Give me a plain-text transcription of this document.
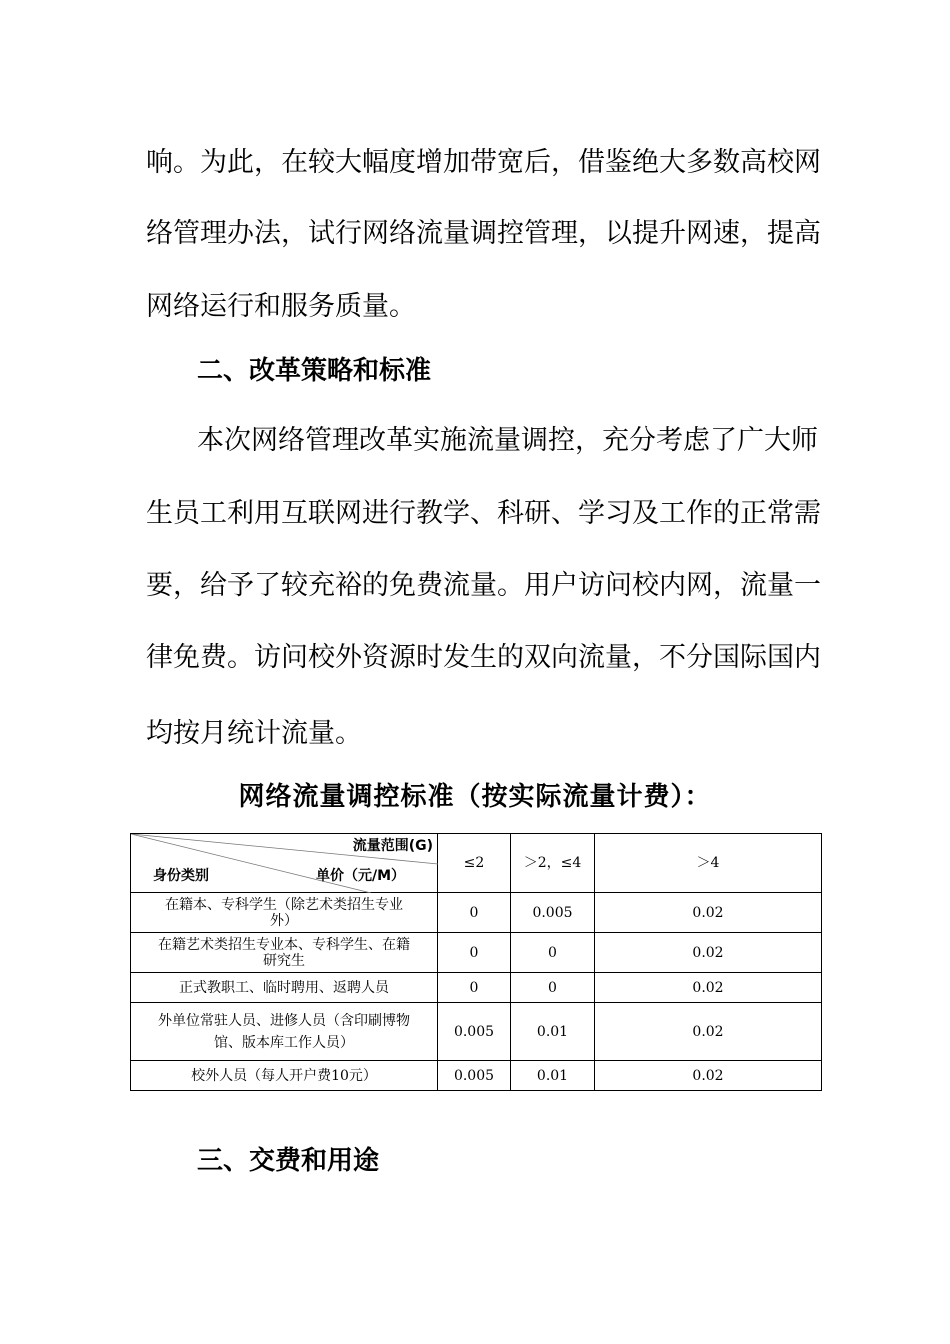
响。为此，在较大幅度增加带宽后，借鉴绝大多数高校网
络管理办法，试行网络流量调控管理，以提升网速，提高
网络运行和服务质量。
二、改革策略和标准
本次网络管理改革实施流量调控，充分考虑了广大师
生员工利用互联网进行教学、科研、学习及工作的正常需
要，给予了较充裕的免费流量。用户访问校内网，流量一
律免费。访问校外资源时发生的双向流量，不分国际国内
均按月统计流量。
网络流量调控标准（按实际流量计费）：
流量范围(G)
单价（元/M）
身份类别	≤2	＞2，≤4	＞4
在籍本、专科学生（除艺术类招生专业
外）	0	0.005	0.02
在籍艺术类招生专业本、专科学生、在籍
研究生	0	0	0.02
正式教职工、临时聘用、返聘人员	0	0	0.02
外单位常驻人员、进修人员（含印刷博物
馆、版本库工作人员）	0.005	0.01	0.02
校外人员（每人开户费10元）	0.005	0.01	0.02
三、交费和用途
